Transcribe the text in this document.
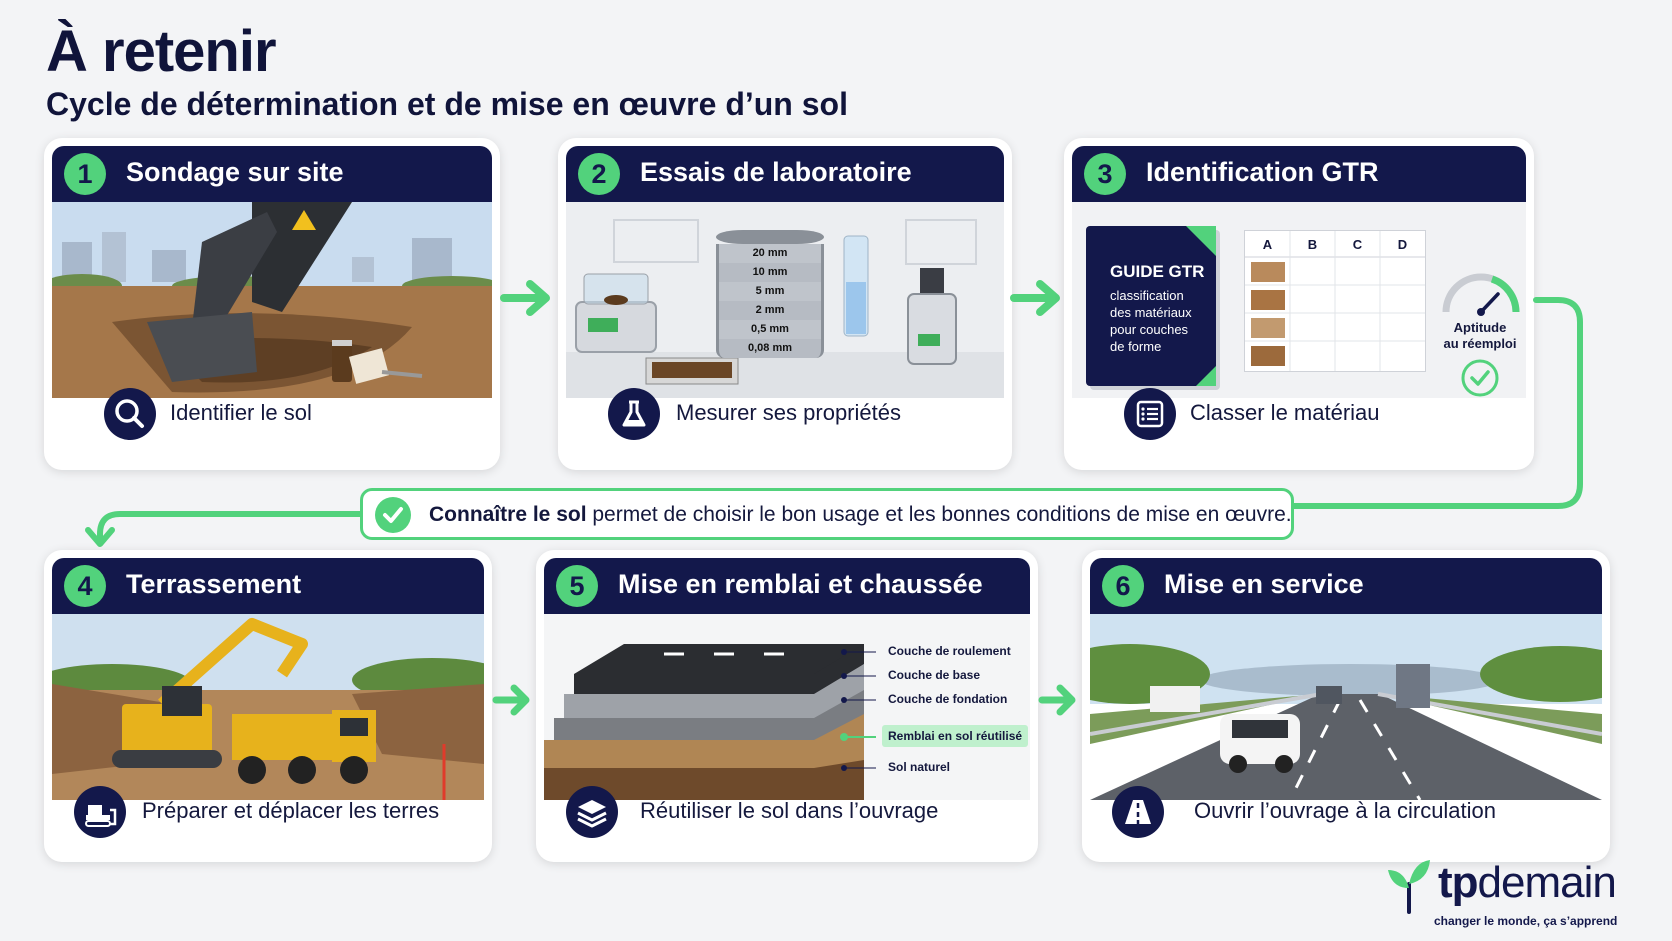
À retenir
Cycle de détermination et de mise en œuvre d’un sol
1	Sondage sur site
Identifier le sol
2	Essais de laboratoire
20 mm
10 mm
5 mm
2 mm
0,5 mm
0,08 mm
Mesurer ses propriétés
3	Identification GTR
GUIDE GTR
classification
des matériaux
pour couches
de forme
A	B	C	D
Aptitude
au réemploi
Classer le matériau
Connaître le sol permet de choisir le bon usage et les bonnes conditions de mise en œuvre.
4	Terrassement
Préparer et déplacer les terres
5	Mise en remblai et chaussée
Couche de roulement
Couche de base
Couche de fondation
Remblai en sol réutilisé
Sol naturel
Réutiliser le sol dans l’ouvrage
6	Mise en service
Ouvrir l’ouvrage à la circulation
tpdemain
changer le monde, ça s’apprend
